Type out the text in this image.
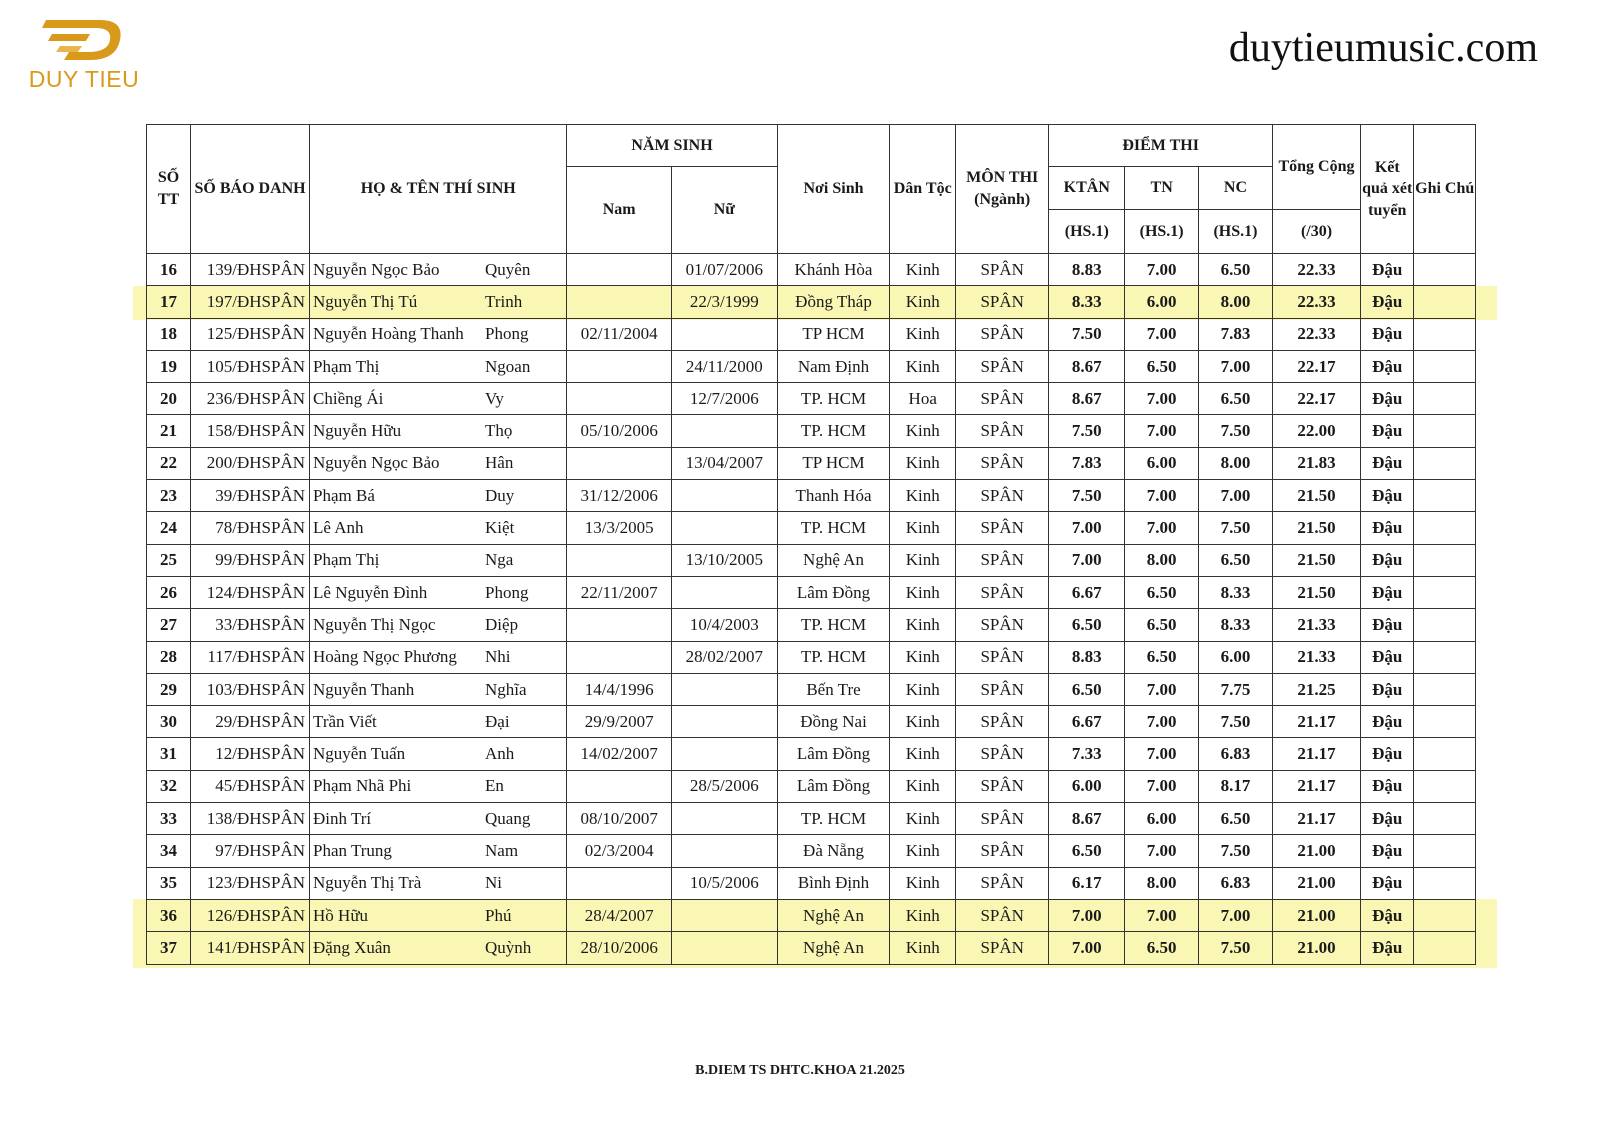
DUY TIEU
duytieumusic.com
SỐ TT	SỐ BÁO DANH	HỌ & TÊN THÍ SINH	NĂM SINH		Nơi Sinh	Dân Tộc	MÔN THI (Ngành)	ĐIỂM THI			Tổng Cộng	Kết quả xét tuyển	Ghi Chú
			Nam	Nữ				KTÂN	TN	NC			
								(HS.1)	(HS.1)	(HS.1)	(/30)		
16	139/ĐHSPÂN	Nguyễn Ngọc Bảo Quyên		01/07/2006	Khánh Hòa	Kinh	SPÂN	8.83	7.00	6.50	22.33	Đậu	
17	197/ĐHSPÂN	Nguyễn Thị Tú Trinh		22/3/1999	Đồng Tháp	Kinh	SPÂN	8.33	6.00	8.00	22.33	Đậu	
18	125/ĐHSPÂN	Nguyễn Hoàng Thanh Phong	02/11/2004		TP HCM	Kinh	SPÂN	7.50	7.00	7.83	22.33	Đậu	
19	105/ĐHSPÂN	Phạm Thị Ngoan		24/11/2000	Nam Định	Kinh	SPÂN	8.67	6.50	7.00	22.17	Đậu	
20	236/ĐHSPÂN	Chiềng Ái Vy		12/7/2006	TP. HCM	Hoa	SPÂN	8.67	7.00	6.50	22.17	Đậu	
21	158/ĐHSPÂN	Nguyễn Hữu Thọ	05/10/2006		TP. HCM	Kinh	SPÂN	7.50	7.00	7.50	22.00	Đậu	
22	200/ĐHSPÂN	Nguyễn Ngọc Bảo Hân		13/04/2007	TP HCM	Kinh	SPÂN	7.83	6.00	8.00	21.83	Đậu	
23	39/ĐHSPÂN	Phạm Bá Duy	31/12/2006		Thanh Hóa	Kinh	SPÂN	7.50	7.00	7.00	21.50	Đậu	
24	78/ĐHSPÂN	Lê Anh Kiệt	13/3/2005		TP. HCM	Kinh	SPÂN	7.00	7.00	7.50	21.50	Đậu	
25	99/ĐHSPÂN	Phạm Thị Nga		13/10/2005	Nghệ An	Kinh	SPÂN	7.00	8.00	6.50	21.50	Đậu	
26	124/ĐHSPÂN	Lê Nguyễn Đình Phong	22/11/2007		Lâm Đồng	Kinh	SPÂN	6.67	6.50	8.33	21.50	Đậu	
27	33/ĐHSPÂN	Nguyễn Thị Ngọc Diệp		10/4/2003	TP. HCM	Kinh	SPÂN	6.50	6.50	8.33	21.33	Đậu	
28	117/ĐHSPÂN	Hoàng Ngọc Phương Nhi		28/02/2007	TP. HCM	Kinh	SPÂN	8.83	6.50	6.00	21.33	Đậu	
29	103/ĐHSPÂN	Nguyễn Thanh Nghĩa	14/4/1996		Bến Tre	Kinh	SPÂN	6.50	7.00	7.75	21.25	Đậu	
30	29/ĐHSPÂN	Trần Viết Đại	29/9/2007		Đồng Nai	Kinh	SPÂN	6.67	7.00	7.50	21.17	Đậu	
31	12/ĐHSPÂN	Nguyễn Tuấn Anh	14/02/2007		Lâm Đồng	Kinh	SPÂN	7.33	7.00	6.83	21.17	Đậu	
32	45/ĐHSPÂN	Phạm Nhã Phi En		28/5/2006	Lâm Đồng	Kinh	SPÂN	6.00	7.00	8.17	21.17	Đậu	
33	138/ĐHSPÂN	Đinh Trí Quang	08/10/2007		TP. HCM	Kinh	SPÂN	8.67	6.00	6.50	21.17	Đậu	
34	97/ĐHSPÂN	Phan Trung Nam	02/3/2004		Đà Nẵng	Kinh	SPÂN	6.50	7.00	7.50	21.00	Đậu	
35	123/ĐHSPÂN	Nguyễn Thị Trà Ni		10/5/2006	Bình Định	Kinh	SPÂN	6.17	8.00	6.83	21.00	Đậu	
36	126/ĐHSPÂN	Hồ Hữu Phú	28/4/2007		Nghệ An	Kinh	SPÂN	7.00	7.00	7.00	21.00	Đậu	
37	141/ĐHSPÂN	Đặng Xuân Quỳnh	28/10/2006		Nghệ An	Kinh	SPÂN	7.00	6.50	7.50	21.00	Đậu	
B.DIEM TS DHTC.KHOA 21.2025
